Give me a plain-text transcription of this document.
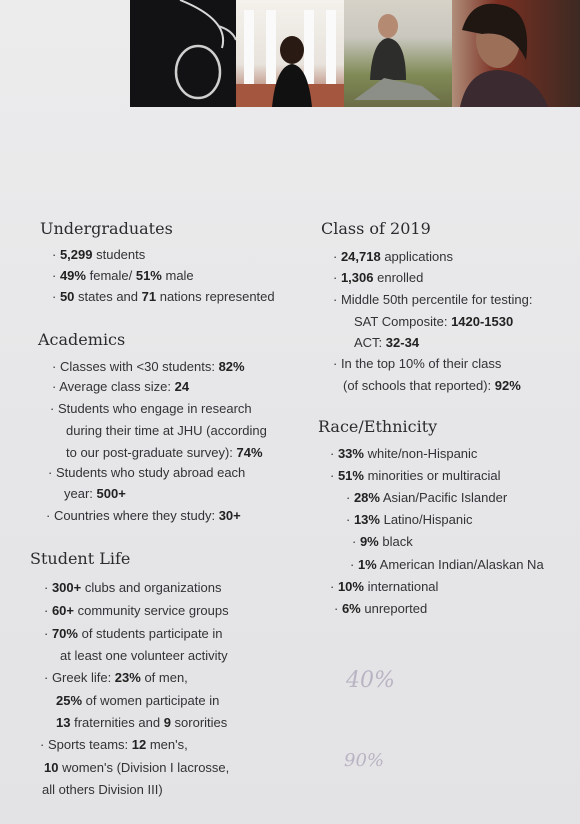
Undergraduates
· 5,299 students
· 49% female/ 51% male
· 50 states and 71 nations represented
Academics
· Classes with <30 students: 82%
· Average class size: 24
· Students who engage in research
during their time at JHU (according
to our post-graduate survey): 74%
· Students who study abroad each
year: 500+
· Countries where they study: 30+
Student Life
· 300+ clubs and organizations
· 60+ community service groups
· 70% of students participate in
at least one volunteer activity
· Greek life: 23% of men,
25% of women participate in
13 fraternities and 9 sororities
· Sports teams: 12 men's,
10 women's (Division I lacrosse,
all others Division III)
Class of 2019
· 24,718 applications
· 1,306 enrolled
· Middle 50th percentile for testing:
SAT Composite: 1420-1530
ACT: 32-34
· In the top 10% of their class
(of schools that reported): 92%
Race/Ethnicity
· 33% white/non-Hispanic
· 51% minorities or multiracial
· 28% Asian/Pacific Islander
· 13% Latino/Hispanic
· 9% black
· 1% American Indian/Alaskan Na
· 10% international
· 6% unreported
40%
90%
